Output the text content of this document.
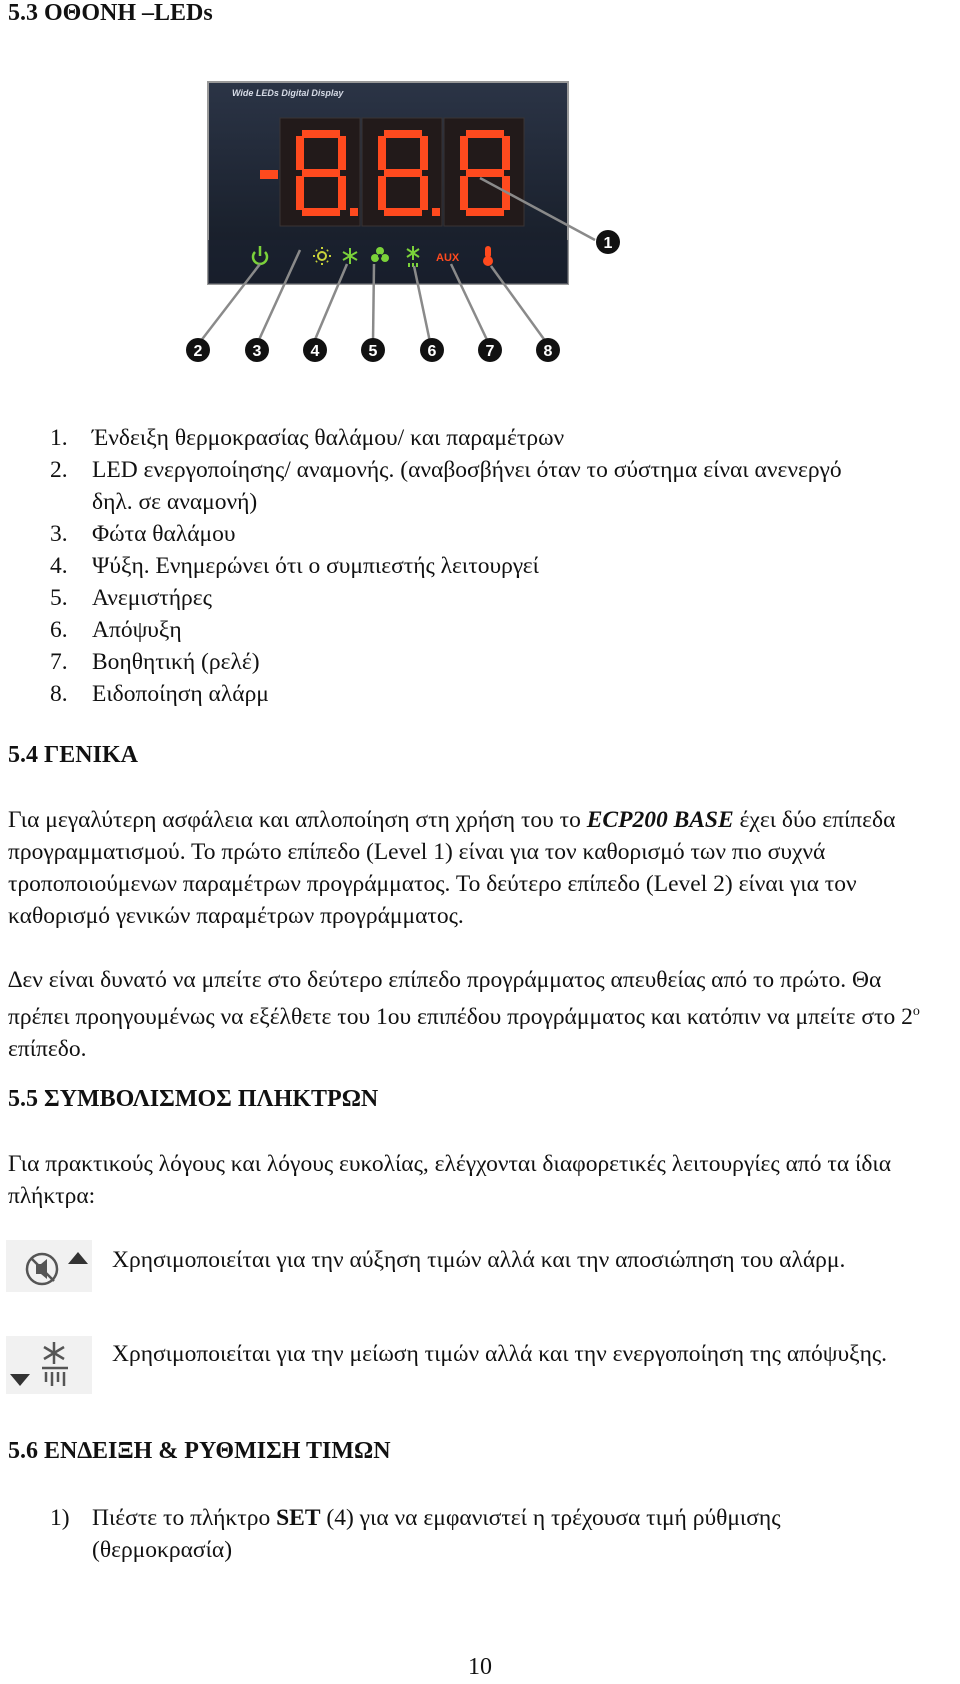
5.3 ΟΘΟΝΗ –LEDs
Wide LEDs Digital Display
AUX
1
2	3	4	5	6	7	8
1. Ένδειξη θερμοκρασίας θαλάμου/ και παραμέτρων
2. LED ενεργοποίησης/ αναμονής. (αναβοσβήνει όταν το σύστημα είναι ανενεργό δηλ. σε αναμονή)
3. Φώτα θαλάμου
4. Ψύξη. Ενημερώνει ότι ο συμπιεστής λειτουργεί
5. Ανεμιστήρες
6. Απόψυξη
7. Βοηθητική (ρελέ)
8. Ειδοποίηση αλάρμ
5.4 ΓΕΝΙΚΑ

Για μεγαλύτερη ασφάλεια και απλοποίηση στη χρήση του το ECP200 BASE έχει δύο επίπεδα προγραμματισμού. Το πρώτο επίπεδο (Level 1) είναι για τον καθορισμό των πιο συχνά τροποποιούμενων παραμέτρων προγράμματος. Το δεύτερο επίπεδο (Level 2) είναι για τον καθορισμό γενικών παραμέτρων προγράμματος.

∆εν είναι δυνατό να μπείτε στο δεύτερο επίπεδο προγράμματος απευθείας από το πρώτο. Θα πρέπει προηγουμένως να εξέλθετε του 1ου επιπέδου προγράμματος και κατόπιν να μπείτε στο $2^o$ επίπεδο.

5.5 ΣΥΜΒΟΛΙΣΜΟΣ ΠΛΗΚΤΡΩΝ

Για πρακτικούς λόγους και λόγους ευκολίας, ελέγχονται διαφορετικές λειτουργίες από τα ίδια πλήκτρα:

Χρησιμοποιείται για την αύξηση τιμών αλλά και την αποσιώπηση του αλάρμ.

Χρησιμοποιείται για την μείωση τιμών αλλά και την ενεργοποίηση της απόψυξης.

5.6 ΕΝ∆ΕΙΞΗ & ΡΥΘΜΙΣΗ ΤΙΜΩΝ
1) Πιέστε το πλήκτρο SET (4) για να εμφανιστεί η τρέχουσα τιμή ρύθμισης (θερμοκρασία)
10
